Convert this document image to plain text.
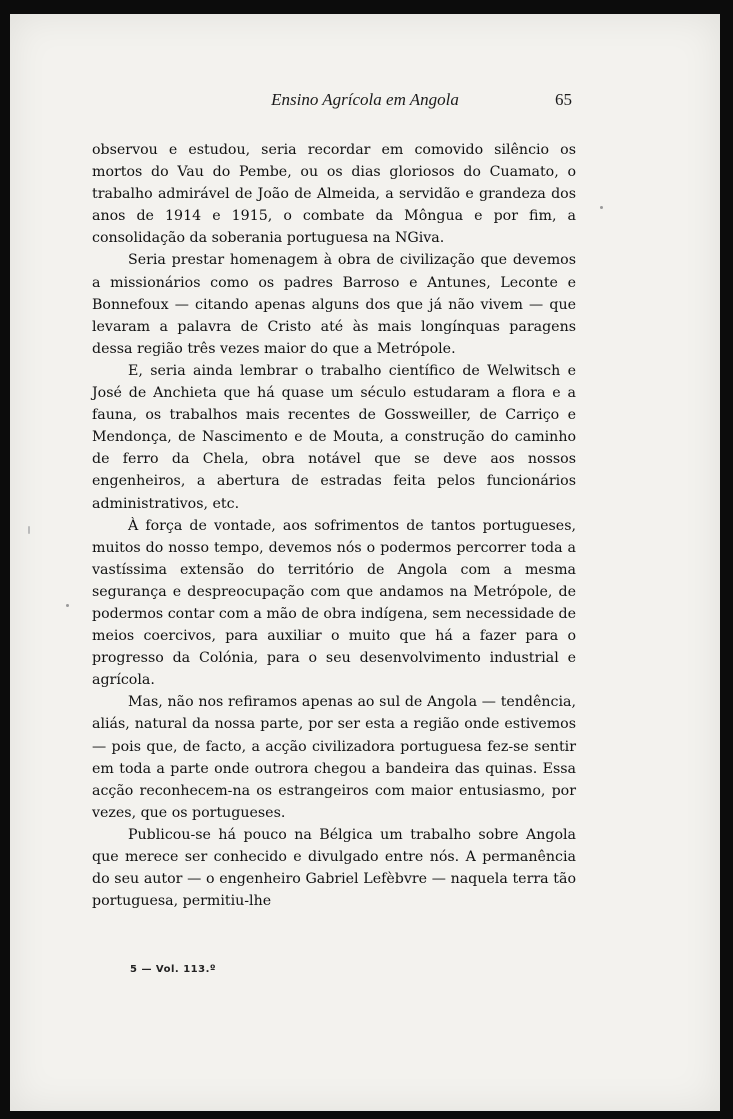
Ensino Agrícola em Angola	65

observou e estudou, seria recordar em comovido silêncio os mortos do Vau do Pembe, ou os dias gloriosos do Cuamato, o trabalho admirável de João de Almeida, a servidão e grandeza dos anos de 1914 e 1915, o combate da Môngua e por fim, a consolidação da soberania portuguesa na NGiva.

Seria prestar homenagem à obra de civilização que devemos a missionários como os padres Barroso e Antunes, Leconte e Bonnefoux — citando apenas alguns dos que já não vivem — que levaram a palavra de Cristo até às mais longínquas paragens dessa região três vezes maior do que a Metrópole.

E, seria ainda lembrar o trabalho científico de Welwitsch e José de Anchieta que há quase um século estudaram a flora e a fauna, os trabalhos mais recentes de Gossweiller, de Carriço e Mendonça, de Nascimento e de Mouta, a construção do caminho de ferro da Chela, obra notável que se deve aos nossos engenheiros, a abertura de estradas feita pelos funcionários administrativos, etc.

À força de vontade, aos sofrimentos de tantos portugueses, muitos do nosso tempo, devemos nós o podermos percorrer toda a vastíssima extensão do território de Angola com a mesma segurança e despreocupação com que andamos na Metrópole, de podermos contar com a mão de obra indígena, sem necessidade de meios coercivos, para auxiliar o muito que há a fazer para o progresso da Colónia, para o seu desenvolvimento industrial e agrícola.

Mas, não nos refiramos apenas ao sul de Angola — tendência, aliás, natural da nossa parte, por ser esta a região onde estivemos — pois que, de facto, a acção civilizadora portuguesa fez-se sentir em toda a parte onde outrora chegou a bandeira das quinas. Essa acção reconhecem-na os estrangeiros com maior entusiasmo, por vezes, que os portugueses.

Publicou-se há pouco na Bélgica um trabalho sobre Angola que merece ser conhecido e divulgado entre nós. A permanência do seu autor — o engenheiro Gabriel Lefèbvre — naquela terra tão portuguesa, permitiu-lhe

5 — Vol. 113.º
